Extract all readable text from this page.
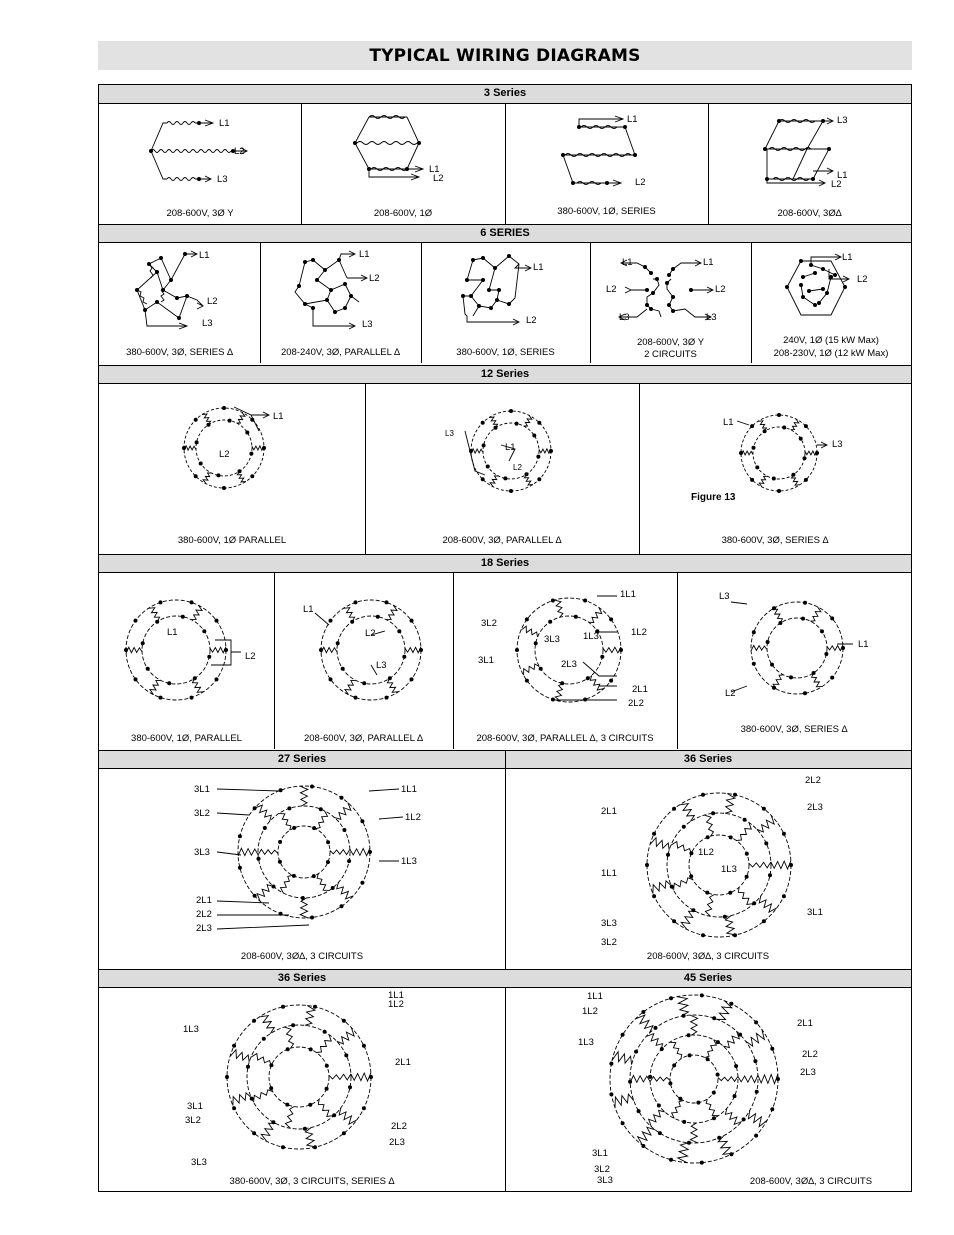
TYPICAL WIRING DIAGRAMS
3 Series
L1
L2
L3
208-600V, 3Ø Y
L1
L2
208-600V, 1Ø
L1
L2
380-600V, 1Ø, SERIES
L3
L1
L2
208-600V, 3Ø∆
6 SERIES
L1
L2
L3
380-600V, 3Ø, SERIES ∆
L1
L2
L3
208-240V, 3Ø, PARALLEL ∆
L1
L2
380-600V, 1Ø, SERIES
L1
L2
L3
L1
L2
L3
208-600V, 3Ø Y
2 CIRCUITS
L1
L2
240V, 1Ø (15 kW Max)
208-230V, 1Ø (12 kW Max)
12 Series
L1
L2
380-600V, 1Ø PARALLEL
L3
L1
L2
208-600V, 3Ø, PARALLEL ∆
L1
L3
Figure 13
380-600V, 3Ø, SERIES ∆
18 Series
L1
L2
380-600V, 1Ø, PARALLEL
L1
L2
L3
208-600V, 3Ø, PARALLEL ∆
1L1
3L2
3L3 1L3	1L2
3L1	2L3
2L1
2L2
208-600V, 3Ø, PARALLEL ∆, 3 CIRCUITS
L3
L1
L2
380-600V, 3Ø, SERIES ∆
27 Series	36 Series
3L1
3L2
3L3
2L1
2L2
2L3
1L1
1L2
1L3
208-600V, 3Ø∆, 3 CIRCUITS
2L2
2L3
2L1
1L2
1L3
1L1
3L1
3L3
3L2
208-600V, 3Ø∆, 3 CIRCUITS
36 Series	45 Series
1L1
1L2
1L3
2L1
3L1
3L2
2L2
2L3
3L3
380-600V, 3Ø, 3 CIRCUITS, SERIES ∆
1L1
1L2
1L3
2L1
2L2
2L3
3L1
3L2
3L3	208-600V, 3Ø∆, 3 CIRCUITS
